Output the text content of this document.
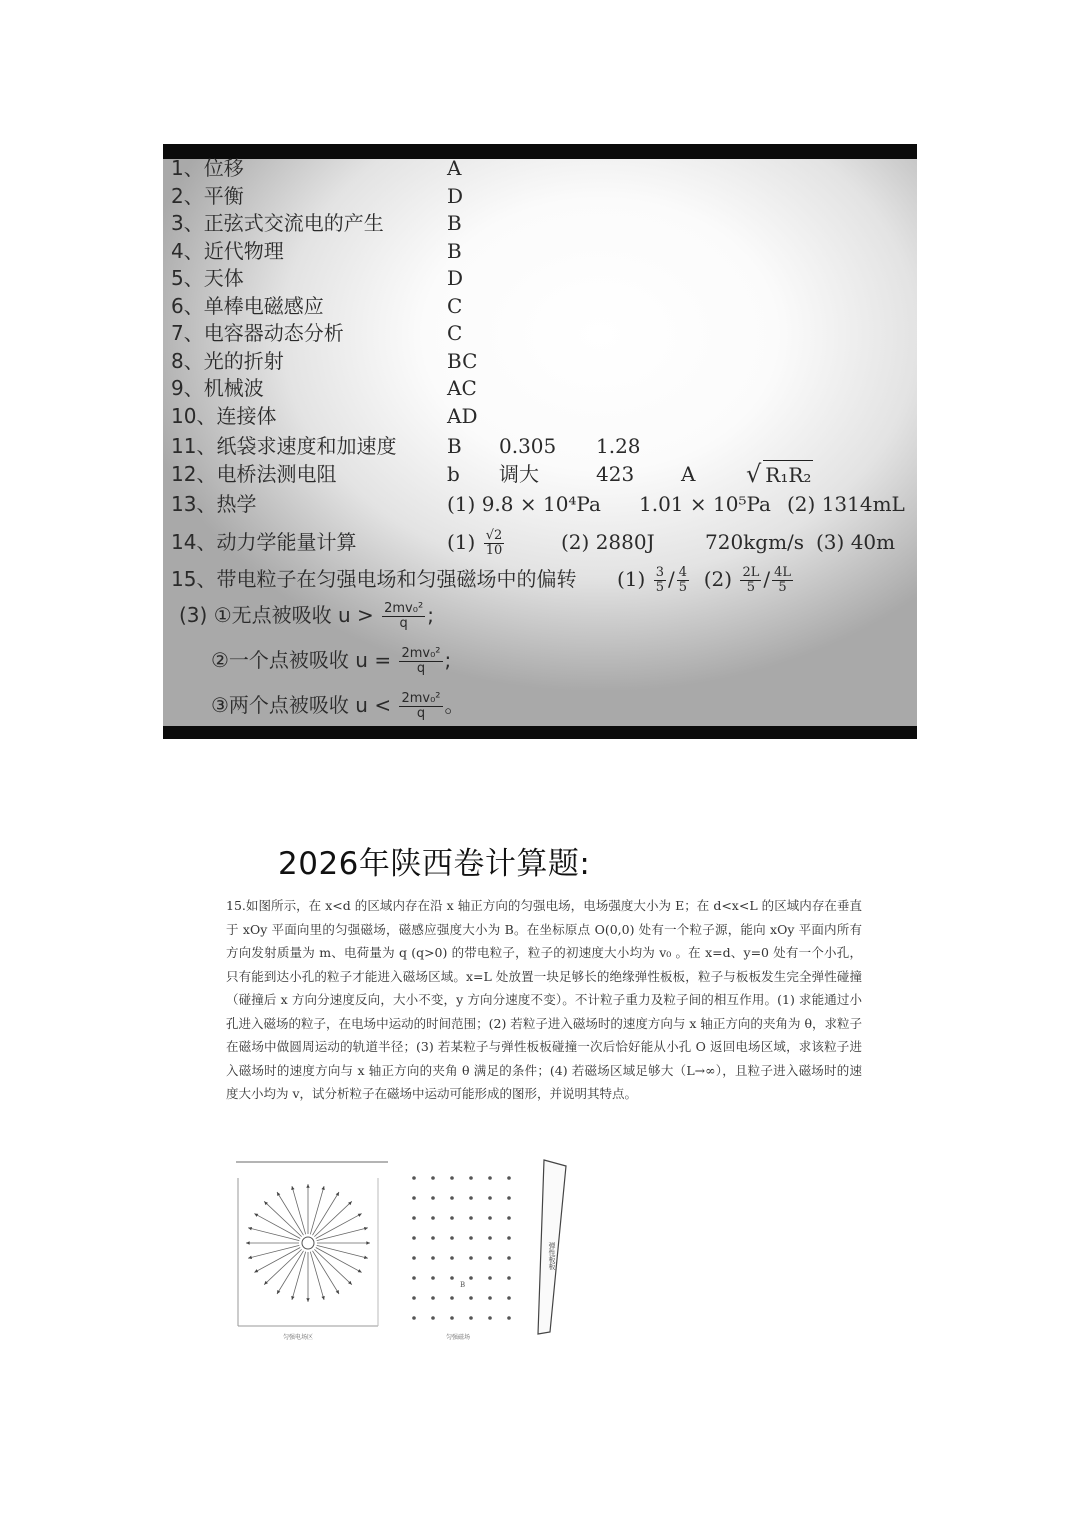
1、位移	A
2、平衡	D
3、正弦式交流电的产生	B
4、近代物理	B
5、天体	D
6、单棒电磁感应	C
7、电容器动态分析	C
8、光的折射	BC
9、机械波	AC
10、连接体	AD
11、纸袋求速度和加速度	B 0.305 1.28
12、电桥法测电阻	b 调大	423 A √ R₁R₂
13、热学	(1) 9.8 × 10⁴Pa 1.01 × 10⁵Pa (2) 1314mL
14、动力学能量计算	$(1) \frac{√2}{10}$	(2) 2880J	720kgm/s (3) 40m
15、带电粒子在匀强电场和匀强磁场中的偏转 $(1) \frac{3}{5} / \frac{4}{5} (2) \frac{2L}{5} / \frac{4L}{5}$
(3) ①无点被吸收 $u > \frac{\text{2mv₀²}}{q}$ ;
②一个点被吸收 $u = \frac{\text{2mv₀²}}{q}$ ;
③两个点被吸收 $u < \frac{\text{2mv₀²}}{q}$ 。
2026年陕西卷计算题:

15.如图所示，在 x<d 的区域内存在沿 x 轴正方向的匀强电场，电场强度大小为 E；在 d<x<L 的区域内存在垂直于 xOy 平面向里的匀强磁场，磁感应强度大小为 B。在坐标原点 O(0,0) 处有一个粒子源，能向 xOy 平面内所有方向发射质量为 m、电荷量为 q (q>0) 的带电粒子，粒子的初速度大小均为 v₀ 。在 x=d、y=0 处有一个小孔，只有能到达小孔的粒子才能进入磁场区域。x=L 处放置一块足够长的绝缘弹性板板，粒子与板板发生完全弹性碰撞（碰撞后 x 方向分速度反向，大小不变，y 方向分速度不变）。不计粒子重力及粒子间的相互作用。(1) 求能通过小孔进入磁场的粒子，在电场中运动的时间范围；(2) 若粒子进入磁场时的速度方向与 x 轴正方向的夹角为 θ，求粒子在磁场中做圆周运动的轨道半径；(3) 若某粒子与弹性板板碰撞一次后恰好能从小孔 O 返回电场区域，求该粒子进入磁场时的速度方向与 x 轴正方向的夹角 θ 满足的条件；(4) 若磁场区域足够大（L→∞），且粒子进入磁场时的速度大小均为 v，试分析粒子在磁场中运动可能形成的图形，并说明其特点。

匀强电场区
B
匀强磁场
弹性板板
